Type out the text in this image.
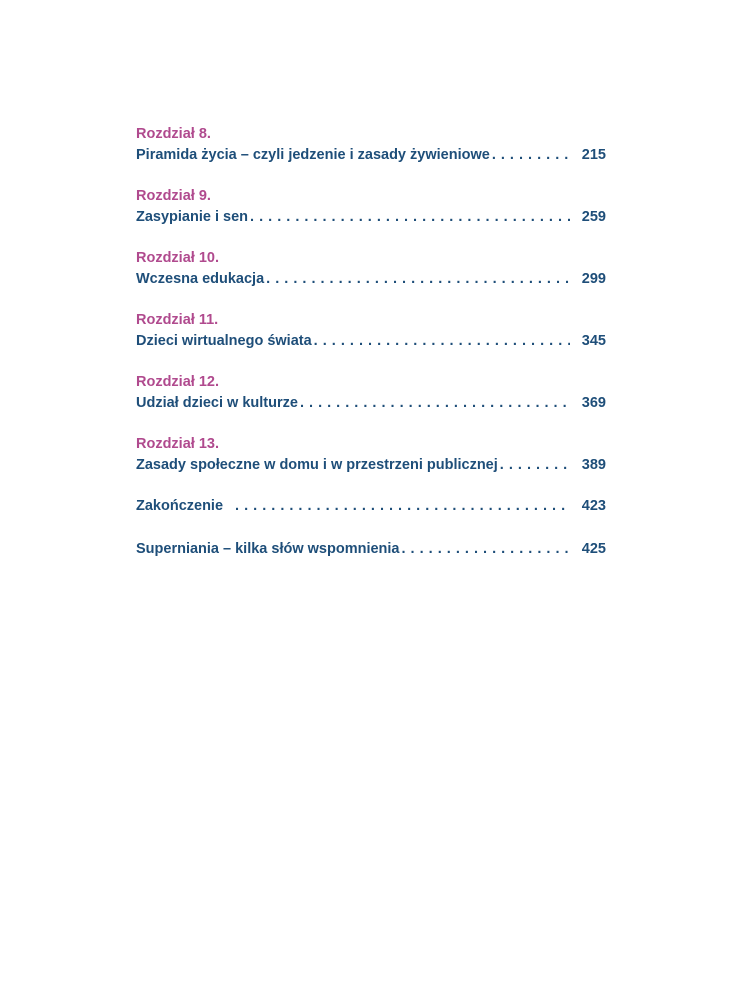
Rozdział 8.
Piramida życia – czyli jedzenie i zasady żywieniowe . . .	215
Rozdział 9.
Zasypianie i sen . . .	259
Rozdział 10.
Wczesna edukacja . . .	299
Rozdział 11.
Dzieci wirtualnego świata . . .	345
Rozdział 12.
Udział dzieci w kulturze . . .	369
Rozdział 13.
Zasady społeczne w domu i w przestrzeni publicznej . . .	389
Zakończenie . . .	423
Superniania – kilka słów wspomnienia . . .	425
